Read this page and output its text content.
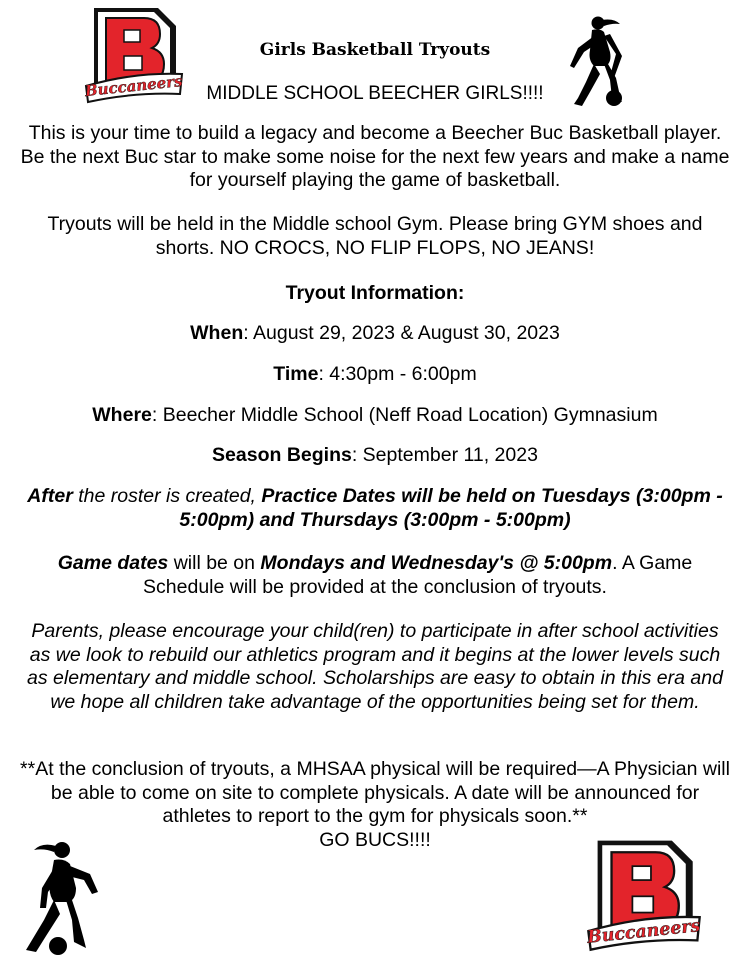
Buccaneers
Girls Basketball Tryouts
MIDDLE SCHOOL BEECHER GIRLS!!!!

This is your time to build a legacy and become a Beecher Buc Basketball player. Be the next Buc star to make some noise for the next few years and make a name for yourself playing the game of basketball.

Tryouts will be held in the Middle school Gym. Please bring GYM shoes and shorts. NO CROCS, NO FLIP FLOPS, NO JEANS!

Tryout Information:

When: August 29, 2023 & August 30, 2023

Time: 4:30pm - 6:00pm

Where: Beecher Middle School (Neff Road Location) Gymnasium

Season Begins: September 11, 2023

After the roster is created, Practice Dates will be held on Tuesdays (3:00pm - 5:00pm) and Thursdays (3:00pm - 5:00pm)

Game dates will be on Mondays and Wednesday's @ 5:00pm. A Game Schedule will be provided at the conclusion of tryouts.

Parents, please encourage your child(ren) to participate in after school activities as we look to rebuild our athletics program and it begins at the lower levels such as elementary and middle school. Scholarships are easy to obtain in this era and we hope all children take advantage of the opportunities being set for them.

**At the conclusion of tryouts, a MHSAA physical will be required—A Physician will be able to come on site to complete physicals. A date will be announced for athletes to report to the gym for physicals soon.**

GO BUCS!!!!

Buccaneers
